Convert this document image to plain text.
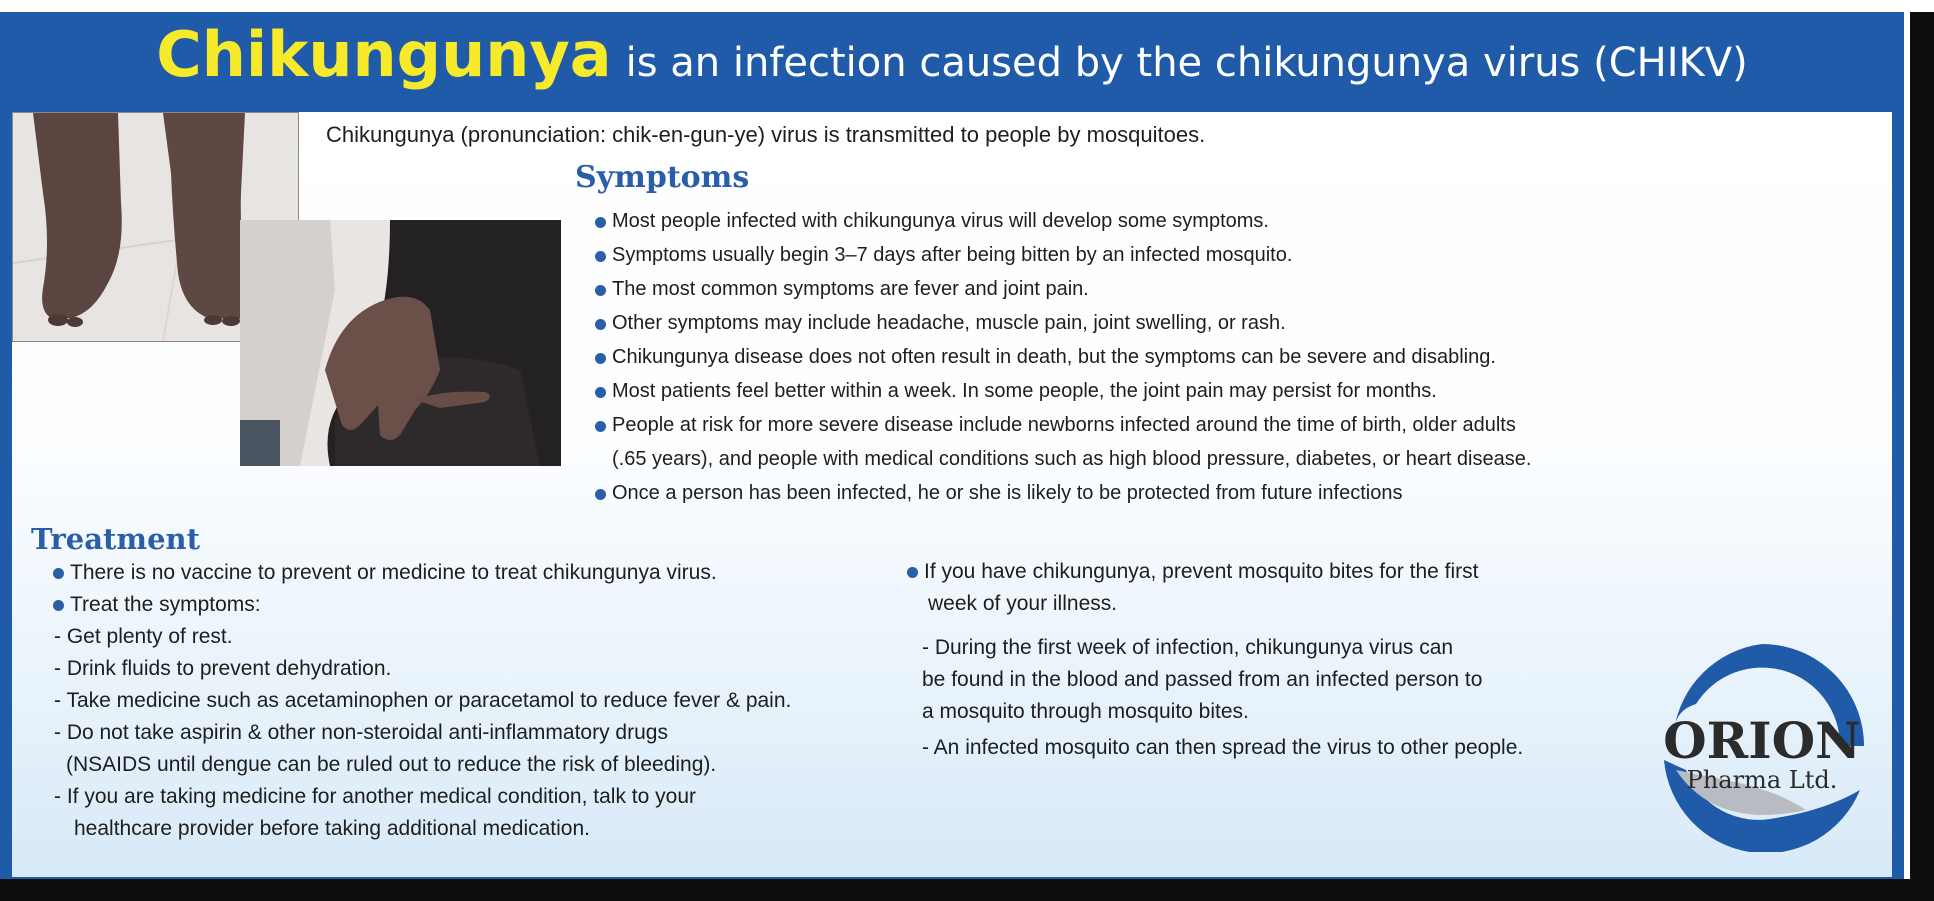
Chikungunya is an infection caused by the chikungunya virus (CHIKV)
Chikungunya (pronunciation: chik-en-gun-ye) virus is transmitted to people by mosquitoes.
Symptoms
Most people infected with chikungunya virus will develop some symptoms.
Symptoms usually begin 3–7 days after being bitten by an infected mosquito.
The most common symptoms are fever and joint pain.
Other symptoms may include headache, muscle pain, joint swelling, or rash.
Chikungunya disease does not often result in death, but the symptoms can be severe and disabling.
Most patients feel better within a week. In some people, the joint pain may persist for months.
People at risk for more severe disease include newborns infected around the time of birth, older adults
(.65 years), and people with medical conditions such as high blood pressure, diabetes, or heart disease.
Once a person has been infected, he or she is likely to be protected from future infections
Treatment
There is no vaccine to prevent or medicine to treat chikungunya virus.
Treat the symptoms:
- Get plenty of rest.
- Drink fluids to prevent dehydration.
- Take medicine such as acetaminophen or paracetamol to reduce fever & pain.
- Do not take aspirin & other non-steroidal anti-inflammatory drugs
(NSAIDS until dengue can be ruled out to reduce the risk of bleeding).
- If you are taking medicine for another medical condition, talk to your
healthcare provider before taking additional medication.
If you have chikungunya, prevent mosquito bites for the first
week of your illness.
- During the first week of infection, chikungunya virus can
be found in the blood and passed from an infected person to
a mosquito through mosquito bites.
- An infected mosquito can then spread the virus to other people.	ORION
Pharma Ltd.
